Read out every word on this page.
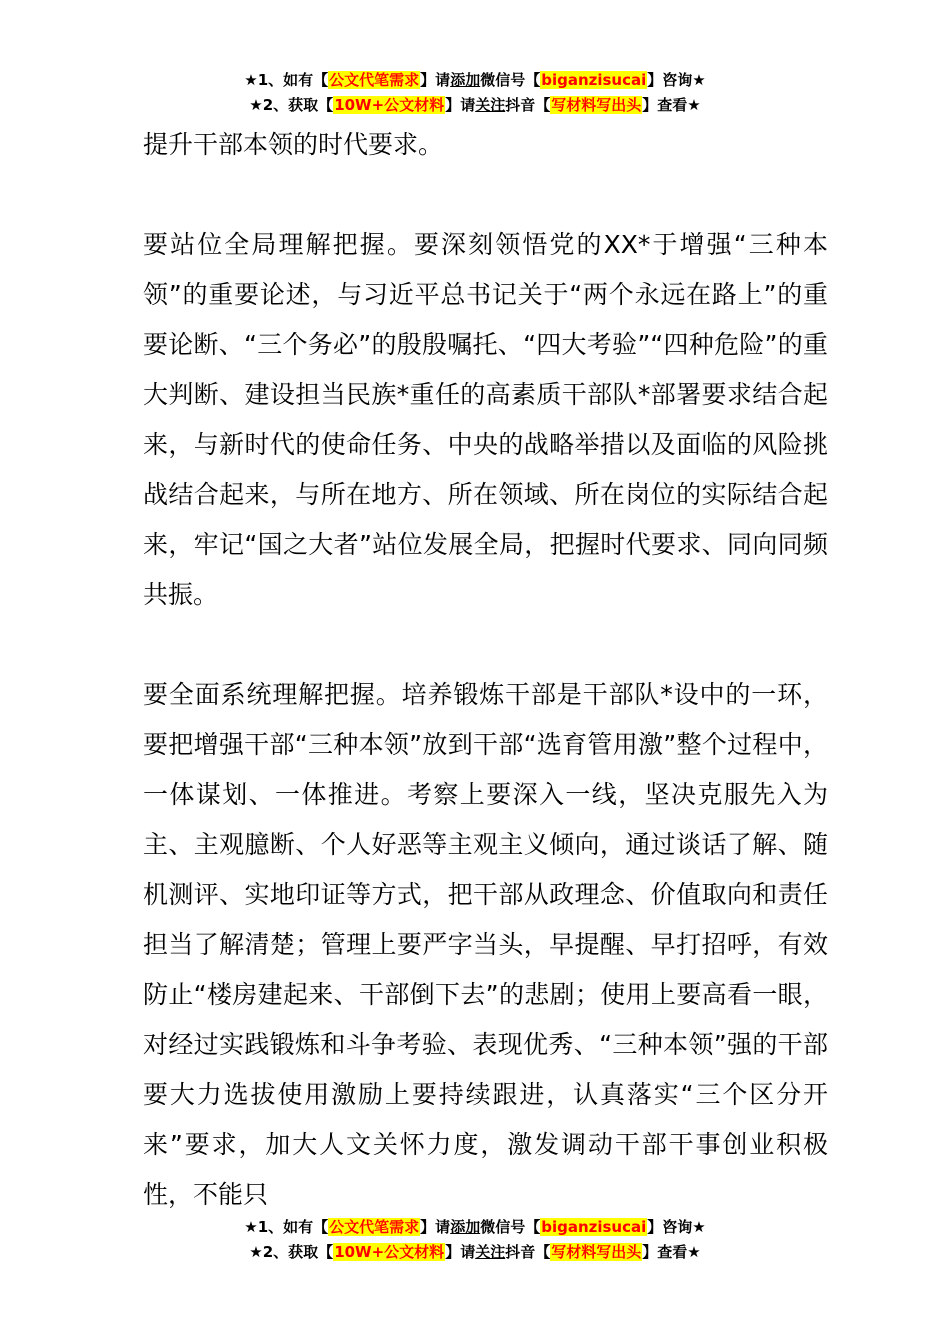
★1、如有【公文代笔需求】请添加微信号【biganzisucai】咨询★
★2、获取【10W+公文材料】请关注抖音【写材料写出头】查看★

提升干部本领的时代要求。

要站位全局理解把握。要深刻领悟党的XX*于增强“三种本领”的重要论述，与习近平总书记关于“两个永远在路上”的重要论断、“三个务必”的殷殷嘱托、“四大考验”“四种危险”的重大判断、建设担当民族*重任的高素质干部队*部署要求结合起来，与新时代的使命任务、中央的战略举措以及面临的风险挑战结合起来，与所在地方、所在领域、所在岗位的实际结合起来，牢记“国之大者”站位发展全局，把握时代要求、同向同频共振。

要全面系统理解把握。培养锻炼干部是干部队*设中的一环，要把增强干部“三种本领”放到干部“选育管用激”整个过程中，一体谋划、一体推进。考察上要深入一线，坚决克服先入为主、主观臆断、个人好恶等主观主义倾向，通过谈话了解、随机测评、实地印证等方式，把干部从政理念、价值取向和责任担当了解清楚；管理上要严字当头，早提醒、早打招呼，有效防止“楼房建起来、干部倒下去”的悲剧；使用上要高看一眼，对经过实践锻炼和斗争考验、表现优秀、“三种本领”强的干部要大力选拔使用激励上要持续跟进，认真落实“三个区分开来”要求，加大人文关怀力度，激发调动干部干事创业积极性，不能只

★1、如有【公文代笔需求】请添加微信号【biganzisucai】咨询★
★2、获取【10W+公文材料】请关注抖音【写材料写出头】查看★
